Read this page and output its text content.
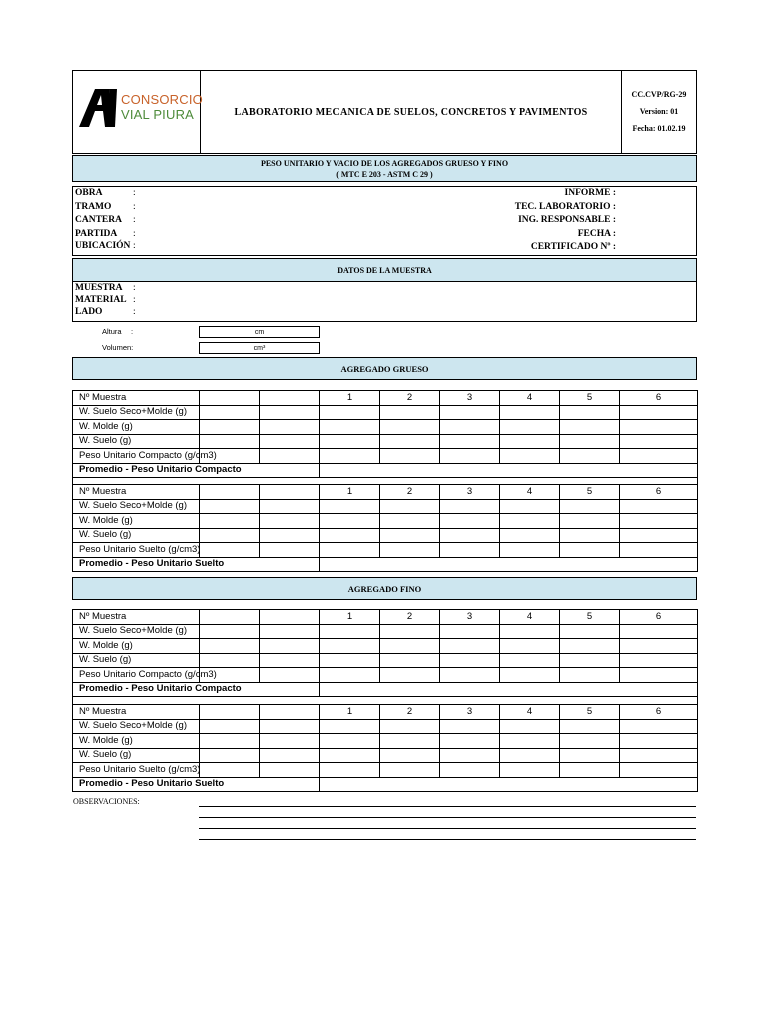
CONSORCIO
VIAL PIURA	LABORATORIO MECANICA DE SUELOS, CONCRETOS Y PAVIMENTOS
CC.CVP/RG-29
Version: 01
Fecha: 01.02.19
PESO UNITARIO Y VACIO DE LOS AGREGADOS GRUESO Y FINO
( MTC E 203 - ASTM C 29 )
OBRA
TRAMO
CANTERA
PARTIDA
UBICACIÓN
:
:
:
:
:
INFORME :
TEC. LABORATORIO :
ING. RESPONSABLE :
FECHA :
CERTIFICADO Nº :
DATOS DE LA MUESTRA
MUESTRA
MATERIAL
LADO
:
:
:
Altura :	cm
Volumen:	cm³
AGREGADO GRUESO
Nº Muestra			1	2	3	4	5	6
W. Suelo Seco+Molde (g)								
W. Molde (g)								
W. Suelo (g)								
Peso Unitario Compacto (g/cm3)								
Promedio - Peso Unitario Compacto								

Nº Muestra			1	2	3	4	5	6
W. Suelo Seco+Molde (g)								
W. Molde (g)								
W. Suelo (g)								
Peso Unitario Suelto (g/cm3)								
Promedio - Peso Unitario Suelto								
AGREGADO FINO
Nº Muestra			1	2	3	4	5	6
W. Suelo Seco+Molde (g)								
W. Molde (g)								
W. Suelo (g)								
Peso Unitario Compacto (g/cm3)								
Promedio - Peso Unitario Compacto								

Nº Muestra			1	2	3	4	5	6
W. Suelo Seco+Molde (g)								
W. Molde (g)								
W. Suelo (g)								
Peso Unitario Suelto (g/cm3)								
Promedio - Peso Unitario Suelto								
OBSERVACIONES:
